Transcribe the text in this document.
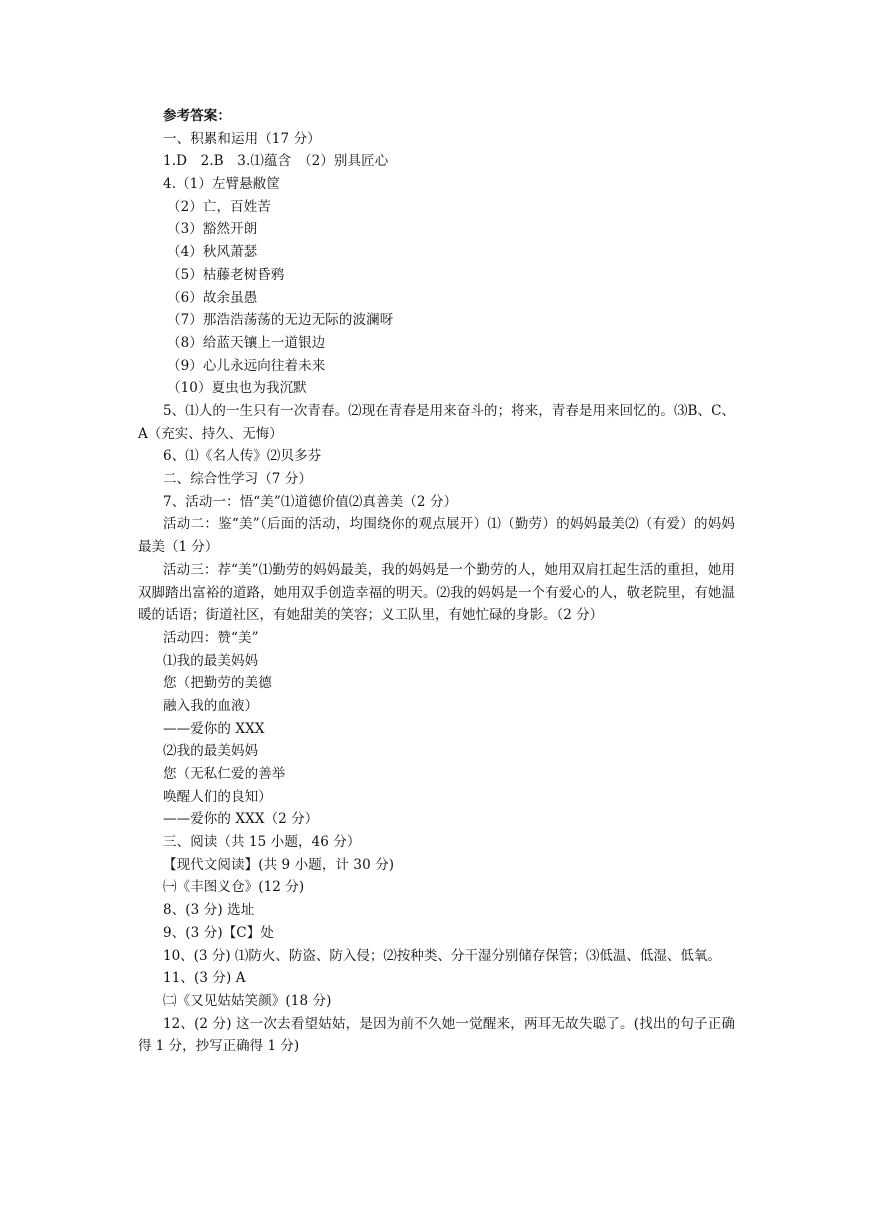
参考答案：
一、积累和运用（17 分）
1.D　2.B　3.⑴蕴含　（2）别具匠心
4.（1）左臂悬敝筐
（2）亡，百姓苦
（3）豁然开朗
（4）秋风萧瑟
（5）枯藤老树昏鸦
（6）故余虽愚
（7）那浩浩荡荡的无边无际的波澜呀
（8）给蓝天镶上一道银边
（9）心儿永远向往着未来
（10）夏虫也为我沉默
5、⑴人的一生只有一次青春。⑵现在青春是用来奋斗的；将来，青春是用来回忆的。⑶B、C、A（充实、持久、无悔）
6、⑴《名人传》⑵贝多芬
二、综合性学习（7 分）
7、活动一：悟“美”⑴道德价值⑵真善美（2 分）
活动二：鉴“美”（后面的活动，均围绕你的观点展开）⑴（勤劳）的妈妈最美⑵（有爱）的妈妈最美（1 分）
活动三：荐“美”⑴勤劳的妈妈最美，我的妈妈是一个勤劳的人，她用双肩扛起生活的重担，她用双脚踏出富裕的道路，她用双手创造幸福的明天。⑵我的妈妈是一个有爱心的人，敬老院里，有她温暖的话语；街道社区，有她甜美的笑容；义工队里，有她忙碌的身影。（2 分）
活动四：赞“美”
⑴我的最美妈妈
您（把勤劳的美德
融入我的血液）
——爱你的 XXX
⑵我的最美妈妈
您（无私仁爱的善举
唤醒人们的良知）
——爱你的 XXX（2 分）
三、阅读（共 15 小题，46 分）
【现代文阅读】(共 9 小题，计 30 分)
㈠《丰图义仓》(12 分)
8、(3 分) 选址
9、(3 分)【C】处
10、(3 分) ⑴防火、防盗、防入侵；⑵按种类、分干湿分别储存保管；⑶低温、低湿、低氧。
11、(3 分) A
㈡《又见姑姑笑颜》(18 分)
12、(2 分) 这一次去看望姑姑，是因为前不久她一觉醒来，两耳无故失聪了。(找出的句子正确得 1 分，抄写正确得 1 分)
